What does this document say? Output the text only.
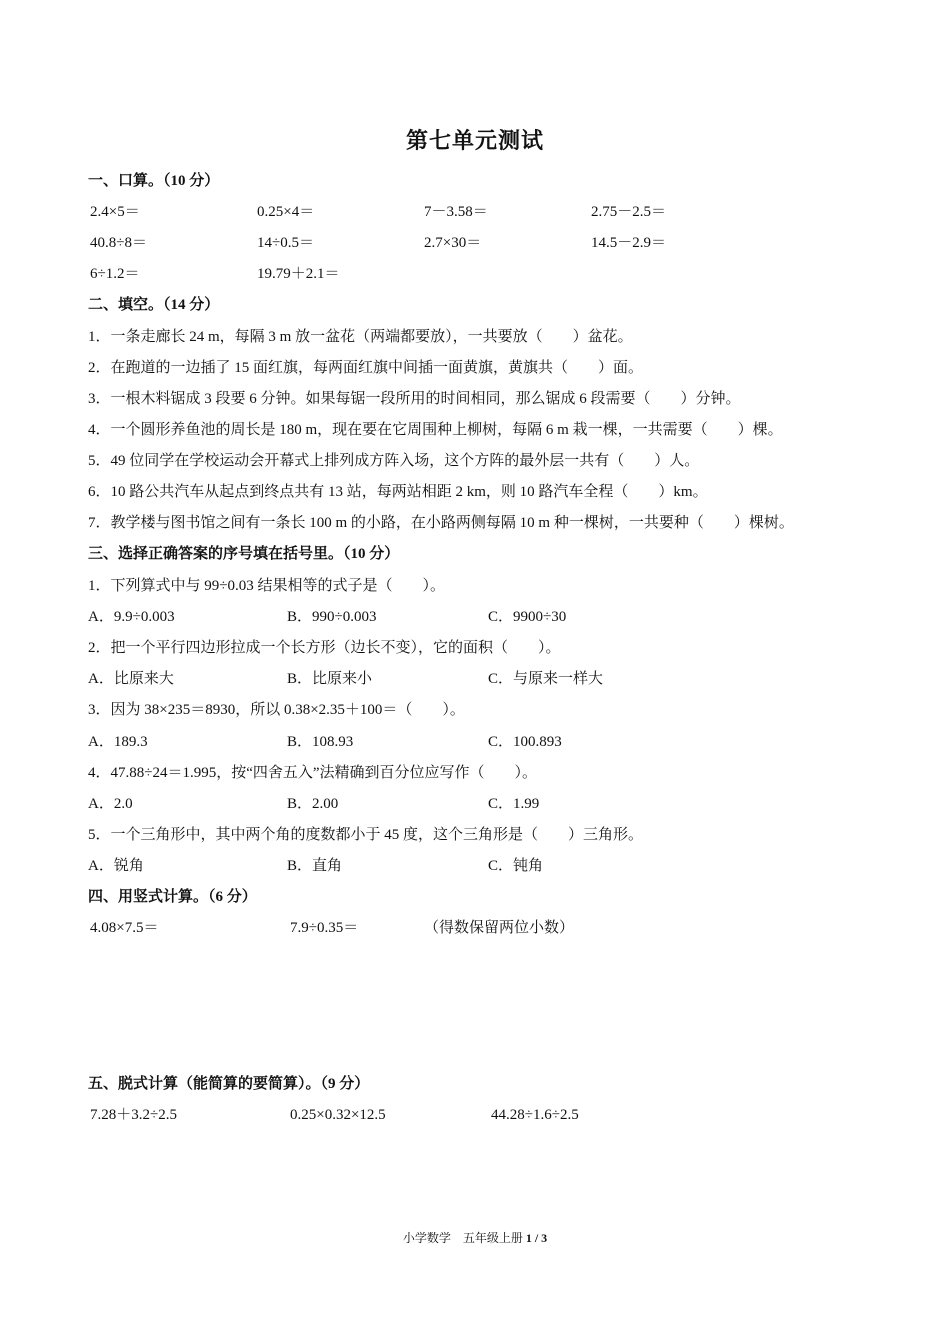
第七单元测试
一、口算。（10 分）
2.4×5＝	0.25×4＝	7－3.58＝	2.75－2.5＝
40.8÷8＝	14÷0.5＝	2.7×30＝	14.5－2.9＝
6÷1.2＝	19.79＋2.1＝
二、填空。（14 分）
1．一条走廊长 24 m，每隔 3 m 放一盆花（两端都要放），一共要放（　　）盆花。
2．在跑道的一边插了 15 面红旗，每两面红旗中间插一面黄旗，黄旗共（　　）面。
3．一根木料锯成 3 段要 6 分钟。如果每锯一段所用的时间相同，那么锯成 6 段需要（　　）分钟。
4．一个圆形养鱼池的周长是 180 m，现在要在它周围种上柳树，每隔 6 m 栽一棵，一共需要（　　）棵。
5．49 位同学在学校运动会开幕式上排列成方阵入场，这个方阵的最外层一共有（　　）人。
6．10 路公共汽车从起点到终点共有 13 站，每两站相距 2 km，则 10 路汽车全程（　　）km。
7．教学楼与图书馆之间有一条长 100 m 的小路，在小路两侧每隔 10 m 种一棵树，一共要种（　　）棵树。
三、选择正确答案的序号填在括号里。（10 分）
1．下列算式中与 99÷0.03 结果相等的式子是（　　）。
A．9.9÷0.003	B．990÷0.003	C．9900÷30
2．把一个平行四边形拉成一个长方形（边长不变），它的面积（　　）。
A．比原来大	B．比原来小	C．与原来一样大
3．因为 38×235＝8930，所以 0.38×2.35＋100＝（　　）。
A．189.3	B．108.93	C．100.893
4．47.88÷24＝1.995，按“四舍五入”法精确到百分位应写作（　　）。
A．2.0	B．2.00	C．1.99
5．一个三角形中，其中两个角的度数都小于 45 度，这个三角形是（　　）三角形。
A．锐角	B．直角	C．钝角
四、用竖式计算。（6 分）
4.08×7.5＝	7.9÷0.35＝	（得数保留两位小数）
五、脱式计算（能简算的要简算）。（9 分）
7.28＋3.2÷2.5	0.25×0.32×12.5	44.28÷1.6÷2.5
小学数学　五年级上册 1 / 3
